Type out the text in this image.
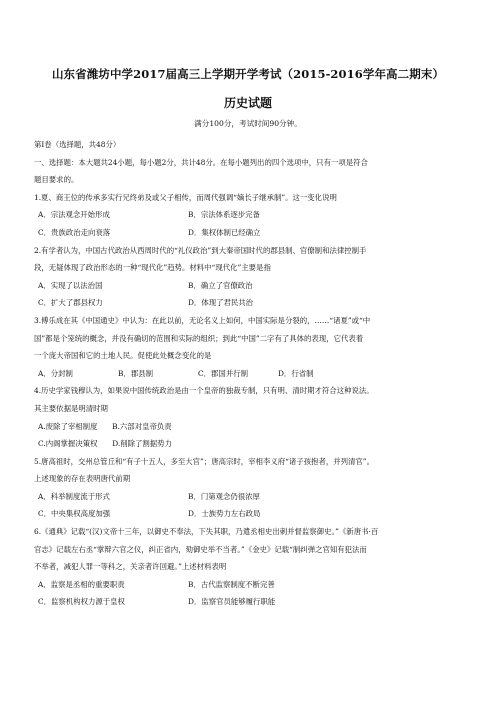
山东省潍坊中学2017届高三上学期开学考试（2015-2016学年高二期末）
历史试题
满分100分，考试时间90分钟。
第Ⅰ卷（选择题，共48分）
一、选择题：本大题共24小题，每小题2分，共计48分。在每小题列出的四个选项中，只有一项是符合
题目要求的。
1.夏、商王位的传承多实行兄终弟及或父子相传，而周代强调“嫡长子继承制”。这一变化说明
A．宗法观念开始形成	B．宗法体系逐步完备
C．贵族政治走向衰落	D．集权体制已经确立
2.有学者认为，中国古代政治从西周时代的“礼仪政治”到大秦帝国时代的郡县制、官僚制和法律控制手
段，无疑体现了政治形态的一种“现代化”趋势。材料中“现代化”主要是指
A．实现了以法治国	B．确立了官僚政治
C．扩大了郡县权力	D．体现了君民共治
3.傅乐成在其《中国通史》中认为：在此以前，无论名义上如何，中国实际是分裂的，……“诸夏”或“中
国”都是个笼统的概念，并没有确切的范围和实际的组织；到此“中国”二字有了具体的表现，它代表着
一个庞大帝国和它的土地人民。促使此处概念变化的是
A．分封制	B．郡县制	C．郡国并行制	D．行省制
4.历史学家钱穆认为，如果说中国传统政治是由一个皇帝的独裁专制，只有明、清时期才符合这种说法。
其主要依据是明清时期
A.废除了宰相制度 B.六部对皇帝负责
C.内阁掌握决策权 D.削除了割据势力
5.唐高祖时，交州总管丘和“有子十五人，多至大官”；唐高宗时，宰相李义府“诸子孩抱者，并列清官”。
上述现象的存在表明唐代前期
A．科举制度流于形式	B．门第观念仍很浓厚
C．中央集权高度加强	D．士族势力左右政局
6.《通典》记载“(汉)文帝十三年，以御史不奉法，下失其职，乃遣丞相史出刺并督监察御史。”《新唐书·百
官志》记载左右丞“掌辩六官之仪，纠正省内，劾御史举不当者。”《金史》记载“制纠弹之官知有犯法而
不举者，减犯人罪一等科之，关亲者许回避。”上述材料表明
A．监察是丞相的重要职责	B．古代监察制度不断完善
C．监察机构权力源于皇权	D．监察官员能够履行职能
